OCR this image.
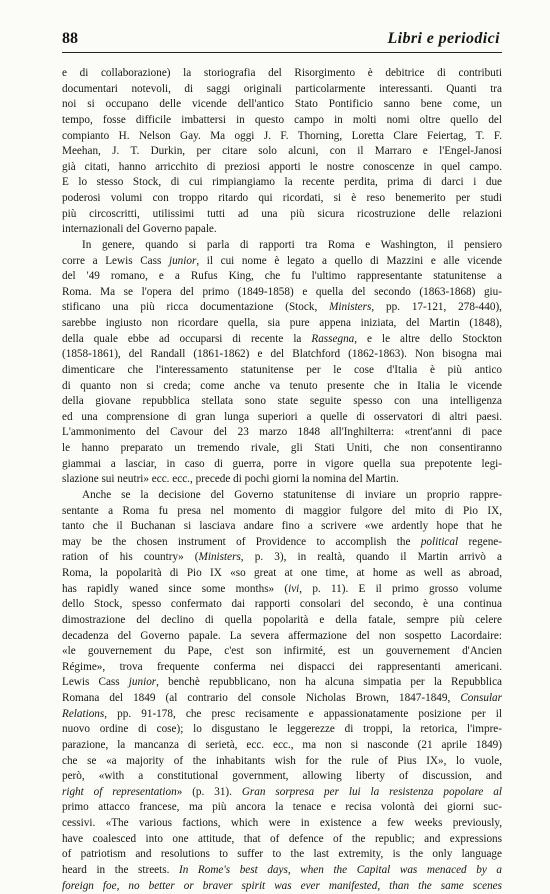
88	Libri e periodici
e di collaborazione) la storiografia del Risorgimento è debitrice di contributi
documentari notevoli, di saggi originali particolarmente interessanti. Quanti tra
noi si occupano delle vicende dell'antico Stato Pontificio sanno bene come, un
tempo, fosse difficile imbattersi in questo campo in molti nomi oltre quello del
compianto H. Nelson Gay. Ma oggi J. F. Thorning, Loretta Clare Feiertag, T. F.
Meehan, J. T. Durkin, per citare solo alcuni, con il Marraro e l'Engel-Janosi
già citati, hanno arricchito di preziosi apporti le nostre conoscenze in quel campo.
E lo stesso Stock, di cui rimpiangiamo la recente perdita, prima di darci i due
poderosi volumi con troppo ritardo qui ricordati, si è reso benemerito per studi
più circoscritti, utilissimi tutti ad una più sicura ricostruzione delle relazioni
internazionali del Governo papale.
In genere, quando si parla di rapporti tra Roma e Washington, il pensiero
corre a Lewis Cass junior, il cui nome è legato a quello di Mazzini e alle vicende
del '49 romano, e a Rufus King, che fu l'ultimo rappresentante statunitense a
Roma. Ma se l'opera del primo (1849-1858) e quella del secondo (1863-1868) giu-
stificano una più ricca documentazione (Stock, Ministers, pp. 17-121, 278-440),
sarebbe ingiusto non ricordare quella, sia pure appena iniziata, del Martin (1848),
della quale ebbe ad occuparsi di recente la Rassegna, e le altre dello Stockton
(1858-1861), del Randall (1861-1862) e del Blatchford (1862-1863). Non bisogna mai
dimenticare che l'interessamento statunitense per le cose d'Italia è più antico
di quanto non si creda; come anche va tenuto presente che in Italia le vicende
della giovane repubblica stellata sono state seguite spesso con una intelligenza
ed una comprensione di gran lunga superiori a quelle di osservatori di altri paesi.
L'ammonimento del Cavour del 23 marzo 1848 all'Inghilterra: «trent'anni di pace
le hanno preparato un tremendo rivale, gli Stati Uniti, che non consentiranno
giammai a lasciar, in caso di guerra, porre in vigore quella sua prepotente legi-
slazione sui neutri» ecc. ecc., precede di pochi giorni la nomina del Martin.
Anche se la decisione del Governo statunitense di inviare un proprio rappre-
sentante a Roma fu presa nel momento di maggior fulgore del mito di Pio IX,
tanto che il Buchanan si lasciava andare fino a scrivere «we ardently hope that he
may be the chosen instrument of Providence to accomplish the political regene-
ration of his country» (Ministers, p. 3), in realtà, quando il Martin arrivò a
Roma, la popolarità di Pio IX «so great at one time, at home as well as abroad,
has rapidly waned since some months» (ivi, p. 11). E il primo grosso volume
dello Stock, spesso confermato dai rapporti consolari del secondo, è una continua
dimostrazione del declino di quella popolarità e della fatale, sempre più celere
decadenza del Governo papale. La severa affermazione del non sospetto Lacordaire:
«le gouvernement du Pape, c'est son infirmité, est un gouvernement d'Ancien
Régime», trova frequente conferma nei dispacci dei rappresentanti americani.
Lewis Cass junior, benchè repubblicano, non ha alcuna simpatia per la Repubblica
Romana del 1849 (al contrario del console Nicholas Brown, 1847-1849, Consular
Relations, pp. 91-178, che presc recisamente e appassionatamente posizione per il
nuovo ordine di cose); lo disgustano le leggerezze di troppi, la retorica, l'impre-
parazione, la mancanza di serietà, ecc. ecc., ma non si nasconde (21 aprile 1849)
che se «a majority of the inhabitants wish for the rule of Pius IX», lo vuole,
però, «with a constitutional government, allowing liberty of discussion, and
right of representation» (p. 31). Gran sorpresa per lui la resistenza popolare al
primo attacco francese, ma più ancora la tenace e recisa volontà dei giorni suc-
cessivi. «The various factions, which were in existence a few weeks previously,
have coalesced into one attitude, that of defence of the republic; and expressions
of patriotism and resolutions to suffer to the last extremity, is the only language
heard in the streets. In Rome's best days, when the Capital was menaced by a
foreign foe, no better or braver spirit was ever manifested, than the same scenes
